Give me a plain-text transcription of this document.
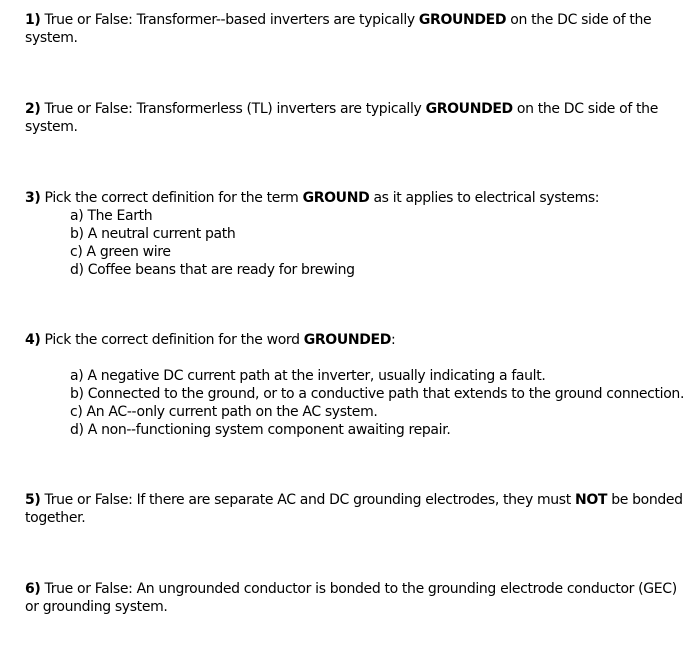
1) True or False: Transformer--based inverters are typically GROUNDED on the DC side of the system.

2) True or False: Transformerless (TL) inverters are typically GROUNDED on the DC side of the system.

3) Pick the correct definition for the term GROUND as it applies to electrical systems:

a) The Earth
b) A neutral current path
c) A green wire
d) Coffee beans that are ready for brewing

4) Pick the correct definition for the word GROUNDED:

a) A negative DC current path at the inverter, usually indicating a fault.
b) Connected to the ground, or to a conductive path that extends to the ground connection.
c) An AC--only current path on the AC system.
d) A non--functioning system component awaiting repair.

5) True or False: If there are separate AC and DC grounding electrodes, they must NOT be bonded together.

6) True or False: An ungrounded conductor is bonded to the grounding electrode conductor (GEC) or grounding system.
